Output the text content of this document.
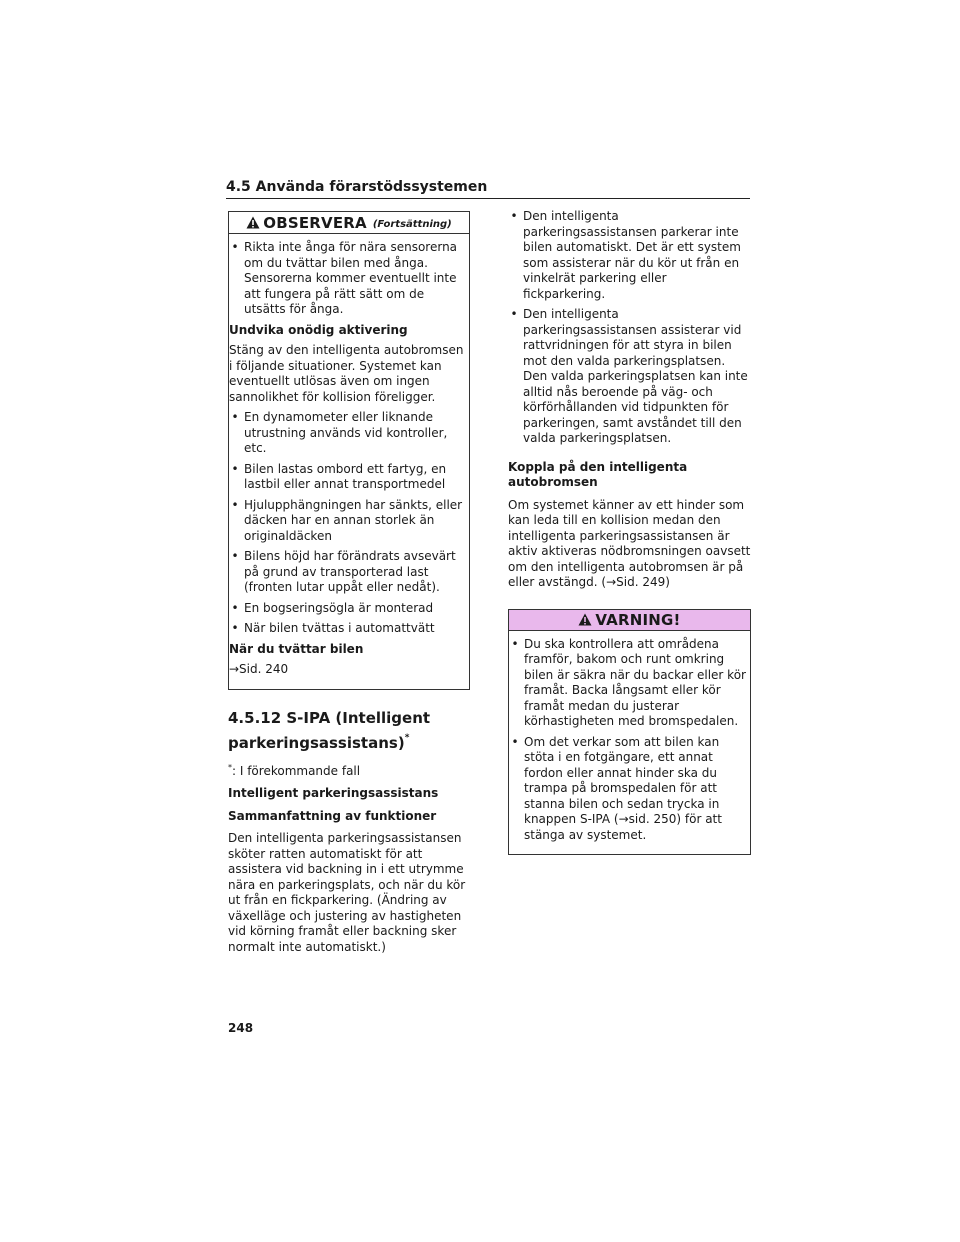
4.5 Använda förarstödssystemen
OBSERVERA (Fortsättning)
• Rikta inte ånga för nära sensorerna om du tvättar bilen med ånga. Sensorerna kommer eventuellt inte att fungera på rätt sätt om de utsätts för ånga.
Undvika onödig aktivering
Stäng av den intelligenta autobromsen i följande situationer. Systemet kan eventuellt utlösas även om ingen sannolikhet för kollision föreligger.
• En dynamometer eller liknande utrustning används vid kontroller, etc.
• Bilen lastas ombord ett fartyg, en lastbil eller annat transportmedel
• Hjulupphängningen har sänkts, eller däcken har en annan storlek än originaldäcken
• Bilens höjd har förändrats avsevärt på grund av transporterad last (fronten lutar uppåt eller nedåt).
• En bogseringsögla är monterad
• När bilen tvättas i automattvätt
När du tvättar bilen
→Sid. 240
4.5.12 S-IPA (Intelligent parkeringsassistans)*
*: I förekommande fall
Intelligent parkeringsassistans
Sammanfattning av funktioner
Den intelligenta parkeringsassistansen sköter ratten automatiskt för att assistera vid backning in i ett utrymme nära en parkeringsplats, och när du kör ut från en fickparkering. (Ändring av växelläge och justering av hastigheten vid körning framåt eller backning sker normalt inte automatiskt.)
• Den intelligenta parkeringsassistansen parkerar inte bilen automatiskt. Det är ett system som assisterar när du kör ut från en vinkelrät parkering eller fickparkering.
• Den intelligenta parkeringsassistansen assisterar vid rattvridningen för att styra in bilen mot den valda parkeringsplatsen. Den valda parkeringsplatsen kan inte alltid nås beroende på väg- och körförhållanden vid tidpunkten för parkeringen, samt avståndet till den valda parkeringsplatsen.
Koppla på den intelligenta autobromsen
Om systemet känner av ett hinder som kan leda till en kollision medan den intelligenta parkeringsassistansen är aktiv aktiveras nödbromsningen oavsett om den intelligenta autobromsen är på eller avstängd. (→Sid. 249)
VARNING!
• Du ska kontrollera att områdena framför, bakom och runt omkring bilen är säkra när du backar eller kör framåt. Backa långsamt eller kör framåt medan du justerar körhastigheten med bromspedalen.
• Om det verkar som att bilen kan stöta i en fotgängare, ett annat fordon eller annat hinder ska du trampa på bromspedalen för att stanna bilen och sedan trycka in knappen S-IPA (→sid. 250) för att stänga av systemet.
248
